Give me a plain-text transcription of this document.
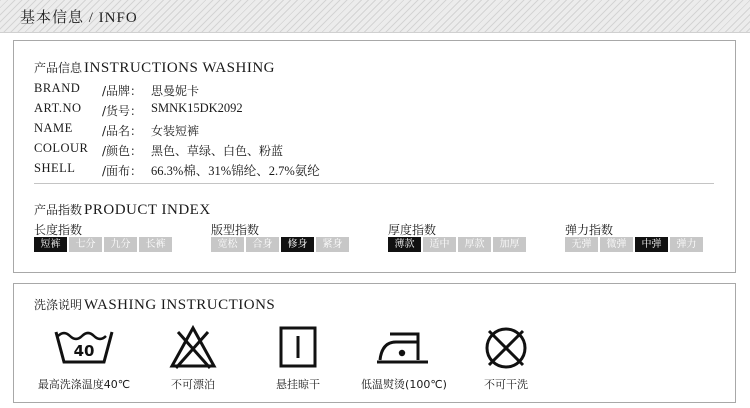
基本信息 / INFO
产品信息 INSTRUCTIONS WASHING
BRAND /品牌： 思曼妮卡
ART.NO /货号： SMNK15DK2092
NAME /品名： 女装短裤
COLOUR /颜色： 黑色、草绿、白色、粉蓝
SHELL /面布： 66.3%棉、31%锦纶、2.7%氨纶
产品指数 PRODUCT INDEX
长度指数
短裤	七分	九分	长裤
版型指数
宽松	合身	修身	紧身
厚度指数
薄款	适中	厚款	加厚
弹力指数
无弹	微弹	中弹	弹力
洗涤说明 WASHING INSTRUCTIONS
40
最高洗涤温度40℃	不可漂泊	悬挂晾干	低温熨烫(100℃)	不可干洗
